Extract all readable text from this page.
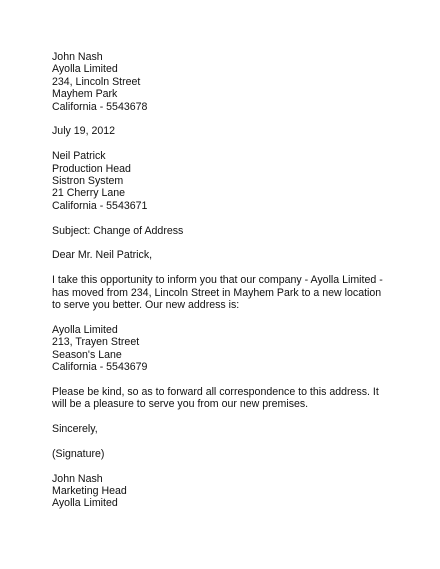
John Nash
Ayolla Limited
234, Lincoln Street
Mayhem Park
California - 5543678
July 19, 2012
Neil Patrick
Production Head
Sistron System
21 Cherry Lane
California - 5543671
Subject: Change of Address
Dear Mr. Neil Patrick,
I take this opportunity to inform you that our company - Ayolla Limited - has moved from 234, Lincoln Street in Mayhem Park to a new location to serve you better. Our new address is:
Ayolla Limited
213, Trayen Street
Season's Lane
California - 5543679
Please be kind, so as to forward all correspondence to this address. It will be a pleasure to serve you from our new premises.
Sincerely,
(Signature)
John Nash
Marketing Head
Ayolla Limited
